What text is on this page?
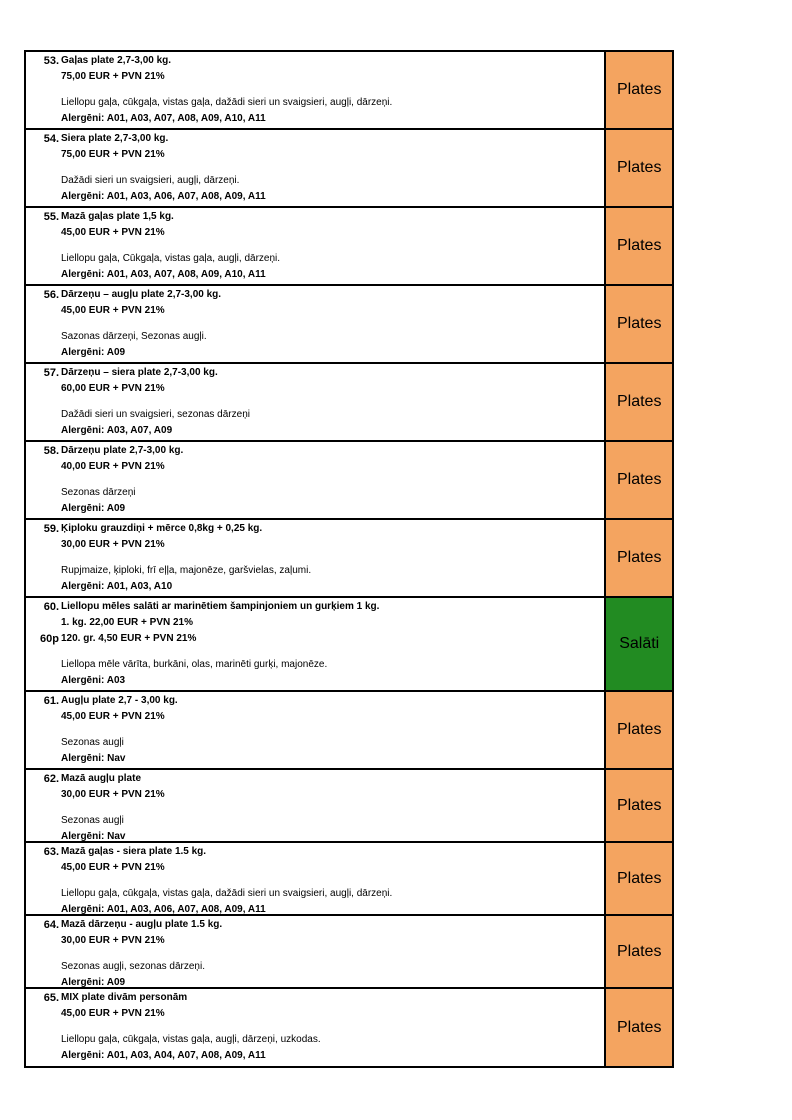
53. Gaļas plate 2,7-3,00 kg.
75,00 EUR + PVN 21%
Liellopu gaļa, cūkgaļa, vistas gaļa, dažādi sieri un svaigsieri, augļi, dārzeņi.
Alergēni: A01, A03, A07, A08, A09, A10, A11
Plates
54. Siera plate 2,7-3,00 kg.
75,00 EUR + PVN 21%
Dažādi sieri un svaigsieri, augļi, dārzeņi.
Alergēni: A01, A03, A06, A07, A08, A09, A11
Plates
55. Mazā gaļas plate 1,5 kg.
45,00 EUR + PVN 21%
Liellopu gaļa, Cūkgaļa, vistas gaļa, augļi, dārzeņi.
Alergēni: A01, A03, A07, A08, A09, A10, A11
Plates
56. Dārzeņu – augļu plate 2,7-3,00 kg.
45,00 EUR + PVN 21%
Sazonas dārzeņi, Sezonas augļi.
Alergēni: A09
Plates
57. Dārzeņu – siera plate 2,7-3,00 kg.
60,00 EUR + PVN 21%
Dažādi sieri un svaigsieri, sezonas dārzeņi
Alergēni: A03, A07, A09
Plates
58. Dārzeņu plate 2,7-3,00 kg.
40,00 EUR + PVN 21%
Sezonas dārzeņi
Alergēni: A09
Plates
59. Ķiploku grauzdiņi + mērce 0,8kg + 0,25 kg.
30,00 EUR + PVN 21%
Rupjmaize, ķiploki, frī eļļa, majonēze, garšvielas, zaļumi.
Alergēni: A01, A03, A10
Plates
60. Liellopu mēles salāti ar marinētiem šampinjoniem un gurķiem 1 kg.
1. kg. 22,00 EUR + PVN 21%
60p 120. gr. 4,50 EUR + PVN 21%
Liellopa mēle vārīta, burkāni, olas, marinēti gurķi, majonēze.
Alergēni: A03
Salāti
61. Augļu plate 2,7 - 3,00 kg.
45,00 EUR + PVN 21%
Sezonas augļi
Alergēni: Nav
Plates
62. Mazā augļu plate
30,00 EUR + PVN 21%
Sezonas augļi
Alergēni: Nav
Plates
63. Mazā gaļas - siera plate 1.5 kg.
45,00 EUR + PVN 21%
Liellopu gaļa, cūkgaļa, vistas gaļa, dažādi sieri un svaigsieri, augļi, dārzeņi.
Alergēni: A01, A03, A06, A07, A08, A09, A11
Plates
64. Mazā dārzeņu - augļu plate 1.5 kg.
30,00 EUR + PVN 21%
Sezonas augļi, sezonas dārzeņi.
Alergēni: A09
Plates
65. MIX plate divām personām
45,00 EUR + PVN 21%
Liellopu gaļa, cūkgaļa, vistas gaļa, augļi, dārzeņi, uzkodas.
Alergēni: A01, A03, A04, A07, A08, A09, A11
Plates
